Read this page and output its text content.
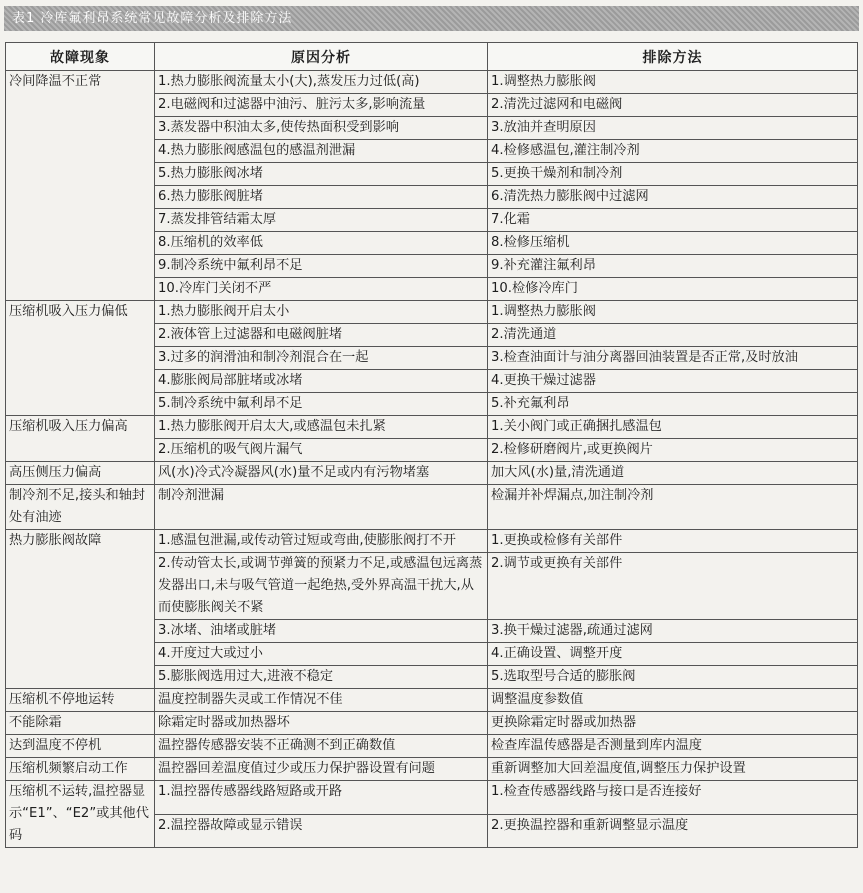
表1 冷库氟利昂系统常见故障分析及排除方法
故障现象	原因分析	排除方法
冷间降温不正常	1.热力膨胀阀流量太小(大),蒸发压力过低(高)	1.调整热力膨胀阀
	2.电磁阀和过滤器中油污、脏污太多,影响流量	2.清洗过滤网和电磁阀
	3.蒸发器中积油太多,使传热面积受到影响	3.放油并查明原因
	4.热力膨胀阀感温包的感温剂泄漏	4.检修感温包,灌注制冷剂
	5.热力膨胀阀冰堵	5.更换干燥剂和制冷剂
	6.热力膨胀阀脏堵	6.清洗热力膨胀阀中过滤网
	7.蒸发排管结霜太厚	7.化霜
	8.压缩机的效率低	8.检修压缩机
	9.制冷系统中氟利昂不足	9.补充灌注氟利昂
	10.冷库门关闭不严	10.检修冷库门
压缩机吸入压力偏低	1.热力膨胀阀开启太小	1.调整热力膨胀阀
	2.液体管上过滤器和电磁阀脏堵	2.清洗通道
	3.过多的润滑油和制冷剂混合在一起	3.检查油面计与油分离器回油装置是否正常,及时放油
	4.膨胀阀局部脏堵或冰堵	4.更换干燥过滤器
	5.制冷系统中氟利昂不足	5.补充氟利昂
压缩机吸入压力偏高	1.热力膨胀阀开启太大,或感温包未扎紧	1.关小阀门或正确捆扎感温包
	2.压缩机的吸气阀片漏气	2.检修研磨阀片,或更换阀片
高压侧压力偏高	风(水)冷式冷凝器风(水)量不足或内有污物堵塞	加大风(水)量,清洗通道
制冷剂不足,接头和轴封处有油迹	制冷剂泄漏	检漏并补焊漏点,加注制冷剂
热力膨胀阀故障	1.感温包泄漏,或传动管过短或弯曲,使膨胀阀打不开	1.更换或检修有关部件
	2.传动管太长,或调节弹簧的预紧力不足,或感温包远离蒸发器出口,未与吸气管道一起绝热,受外界高温干扰大,从而使膨胀阀关不紧	2.调节或更换有关部件
	3.冰堵、油堵或脏堵	3.换干燥过滤器,疏通过滤网
	4.开度过大或过小	4.正确设置、调整开度
	5.膨胀阀选用过大,进液不稳定	5.选取型号合适的膨胀阀
压缩机不停地运转	温度控制器失灵或工作情况不佳	调整温度参数值
不能除霜	除霜定时器或加热器坏	更换除霜定时器或加热器
达到温度不停机	温控器传感器安装不正确测不到正确数值	检查库温传感器是否测量到库内温度
压缩机频繁启动工作	温控器回差温度值过少或压力保护器设置有问题	重新调整加大回差温度值,调整压力保护设置
压缩机不运转,温控器显示“E1”、“E2”或其他代码	1.温控器传感器线路短路或开路	1.检查传感器线路与接口是否连接好
	2.温控器故障或显示错误	2.更换温控器和重新调整显示温度
